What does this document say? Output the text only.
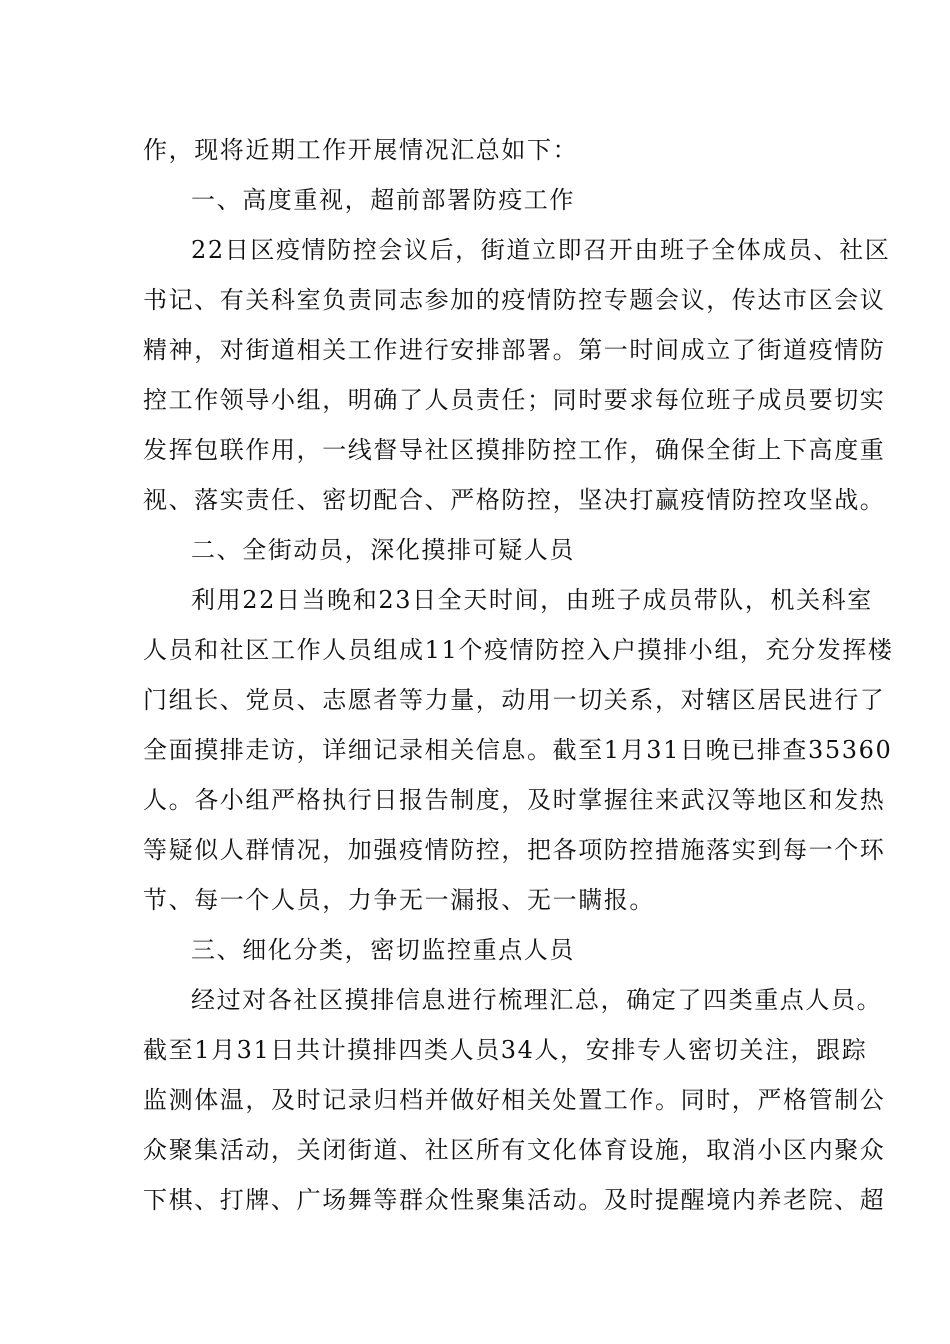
作，现将近期工作开展情况汇总如下：
一、高度重视，超前部署防疫工作
22日区疫情防控会议后，街道立即召开由班子全体成员、社区
书记、有关科室负责同志参加的疫情防控专题会议，传达市区会议
精神，对街道相关工作进行安排部署。第一时间成立了街道疫情防
控工作领导小组，明确了人员责任；同时要求每位班子成员要切实
发挥包联作用，一线督导社区摸排防控工作，确保全街上下高度重
视、落实责任、密切配合、严格防控，坚决打赢疫情防控攻坚战。
二、全街动员，深化摸排可疑人员
利用22日当晚和23日全天时间，由班子成员带队，机关科室
人员和社区工作人员组成11个疫情防控入户摸排小组，充分发挥楼
门组长、党员、志愿者等力量，动用一切关系，对辖区居民进行了
全面摸排走访，详细记录相关信息。截至1月31日晚已排查35360
人。各小组严格执行日报告制度，及时掌握往来武汉等地区和发热
等疑似人群情况，加强疫情防控，把各项防控措施落实到每一个环
节、每一个人员，力争无一漏报、无一瞒报。
三、细化分类，密切监控重点人员
经过对各社区摸排信息进行梳理汇总，确定了四类重点人员。
截至1月31日共计摸排四类人员34人，安排专人密切关注，跟踪
监测体温，及时记录归档并做好相关处置工作。同时，严格管制公
众聚集活动，关闭街道、社区所有文化体育设施，取消小区内聚众
下棋、打牌、广场舞等群众性聚集活动。及时提醒境内养老院、超
